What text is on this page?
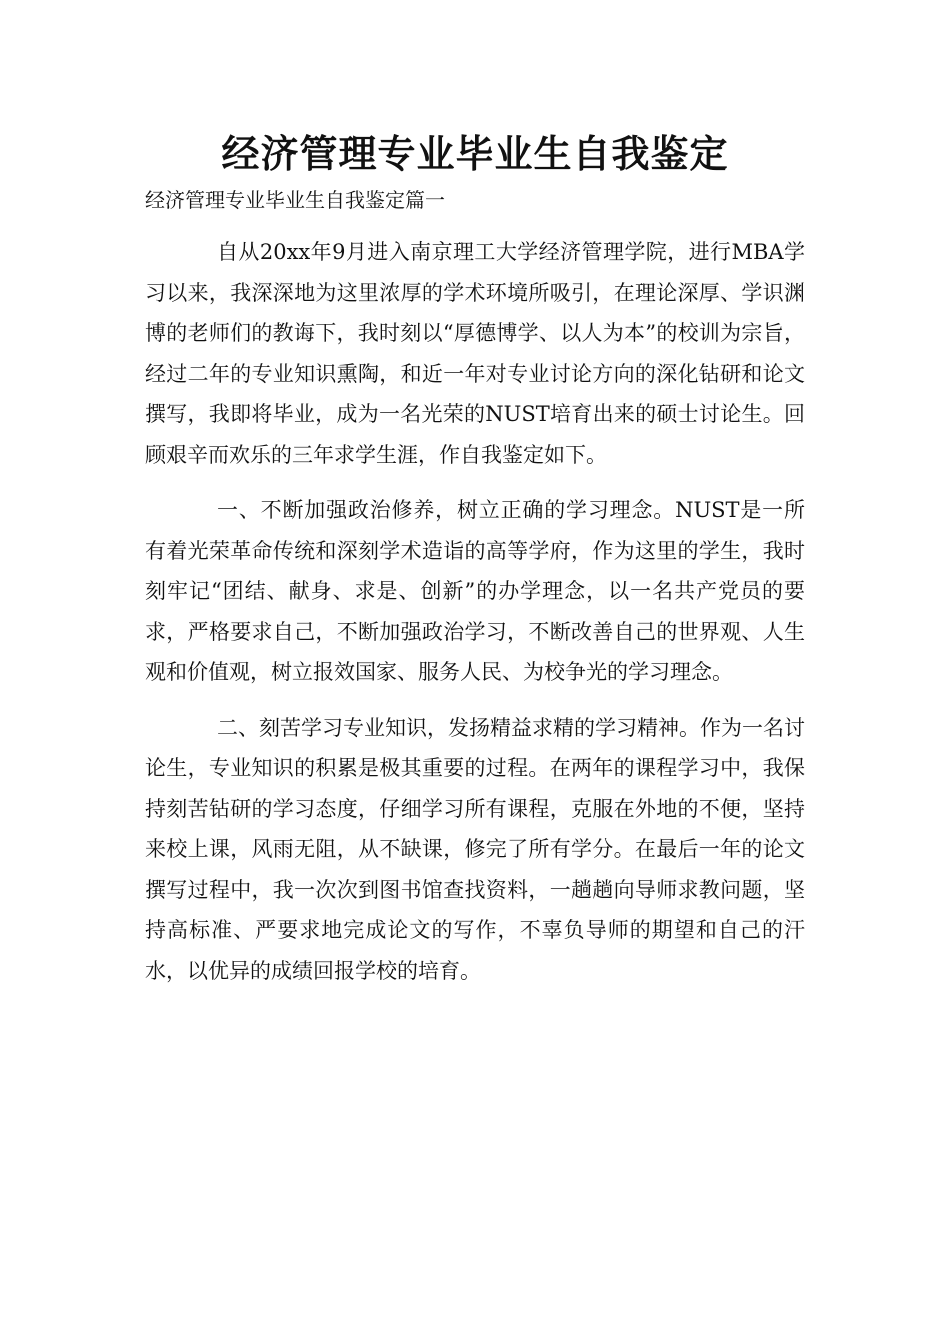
经济管理专业毕业生自我鉴定
经济管理专业毕业生自我鉴定篇一

自从20xx年9月进入南京理工大学经济管理学院，进行MBA学习以来，我深深地为这里浓厚的学术环境所吸引，在理论深厚、学识渊博的老师们的教诲下，我时刻以“厚德博学、以人为本”的校训为宗旨，经过二年的专业知识熏陶，和近一年对专业讨论方向的深化钻研和论文撰写，我即将毕业，成为一名光荣的NUST培育出来的硕士讨论生。回顾艰辛而欢乐的三年求学生涯，作自我鉴定如下。

一、不断加强政治修养，树立正确的学习理念。NUST是一所有着光荣革命传统和深刻学术造诣的高等学府，作为这里的学生，我时刻牢记“团结、献身、求是、创新”的办学理念，以一名共产党员的要求，严格要求自己，不断加强政治学习，不断改善自己的世界观、人生观和价值观，树立报效国家、服务人民、为校争光的学习理念。

二、刻苦学习专业知识，发扬精益求精的学习精神。作为一名讨论生，专业知识的积累是极其重要的过程。在两年的课程学习中，我保持刻苦钻研的学习态度，仔细学习所有课程，克服在外地的不便，坚持来校上课，风雨无阻，从不缺课，修完了所有学分。在最后一年的论文撰写过程中，我一次次到图书馆查找资料，一趟趟向导师求教问题，坚持高标准、严要求地完成论文的写作，不辜负导师的期望和自己的汗水，以优异的成绩回报学校的培育。
